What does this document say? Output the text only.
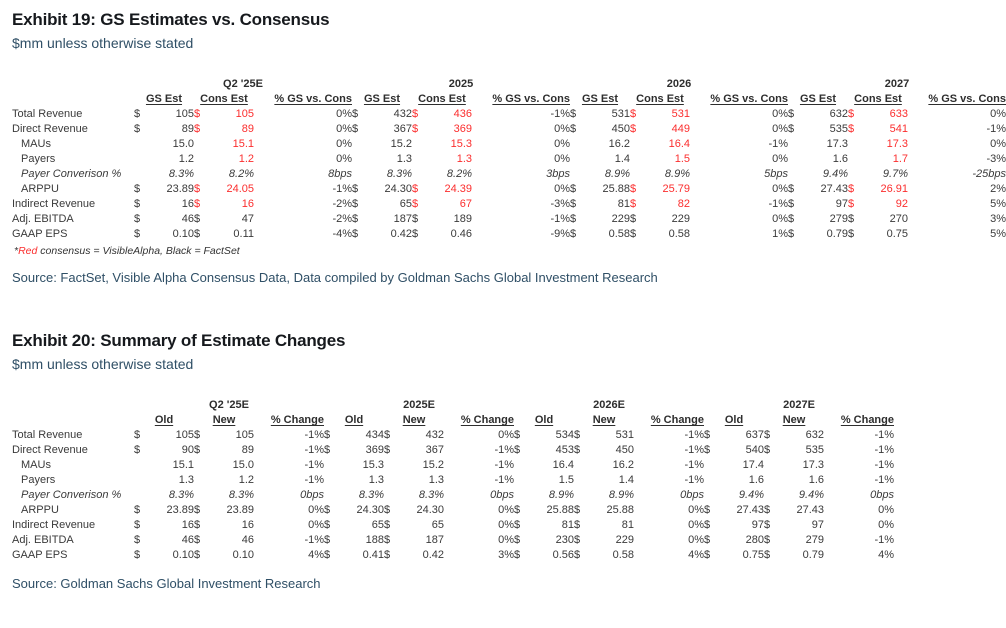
Exhibit 19: GS Estimates vs. Consensus
$mm unless otherwise stated
	Q2 '25E					2025					2026					2027				
	GS Est		Cons Est		% GS vs. Cons	GS Est		Cons Est		% GS vs. Cons	GS Est		Cons Est		% GS vs. Cons	GS Est		Cons Est		% GS vs. Cons
Total Revenue	$	105	$	105	0%	$	432	$	436	-1%	$	531	$	531	0%	$	632	$	633	0%
Direct Revenue	$	89	$	89	0%	$	367	$	369	0%	$	450	$	449	0%	$	535	$	541	-1%
MAUs		15.0		15.1	0%		15.2		15.3	0%		16.2		16.4	-1%		17.3		17.3	0%
Payers		1.2		1.2	0%		1.3		1.3	0%		1.4		1.5	0%		1.6		1.7	-3%
Payer Converison %		8.3%		8.2%	8bps		8.3%		8.2%	3bps		8.9%		8.9%	5bps		9.4%		9.7%	-25bps
ARPPU	$	23.89	$	24.05	-1%	$	24.30	$	24.39	0%	$	25.88	$	25.79	0%	$	27.43	$	26.91	2%
Indirect Revenue	$	16	$	16	-2%	$	65	$	67	-3%	$	81	$	82	-1%	$	97	$	92	5%
Adj. EBITDA	$	46	$	47	-2%	$	187	$	189	-1%	$	229	$	229	0%	$	279	$	270	3%
GAAP EPS	$	0.10	$	0.11	-4%	$	0.42	$	0.46	-9%	$	0.58	$	0.58	1%	$	0.79	$	0.75	5%
*Red consensus = VisibleAlpha, Black = FactSet
Source: FactSet, Visible Alpha Consensus Data, Data compiled by Goldman Sachs Global Investment Research
Exhibit 20: Summary of Estimate Changes
$mm unless otherwise stated
	Q2 '25E					2025E					2026E					2027E				
	Old		New		% Change	Old		New		% Change	Old		New		% Change	Old		New		% Change
Total Revenue	$	105	$	105	-1%	$	434	$	432	0%	$	534	$	531	-1%	$	637	$	632	-1%
Direct Revenue	$	90	$	89	-1%	$	369	$	367	-1%	$	453	$	450	-1%	$	540	$	535	-1%
MAUs		15.1		15.0	-1%		15.3		15.2	-1%		16.4		16.2	-1%		17.4		17.3	-1%
Payers		1.3		1.2	-1%		1.3		1.3	-1%		1.5		1.4	-1%		1.6		1.6	-1%
Payer Converison %		8.3%		8.3%	0bps		8.3%		8.3%	0bps		8.9%		8.9%	0bps		9.4%		9.4%	0bps
ARPPU	$	23.89	$	23.89	0%	$	24.30	$	24.30	0%	$	25.88	$	25.88	0%	$	27.43	$	27.43	0%
Indirect Revenue	$	16	$	16	0%	$	65	$	65	0%	$	81	$	81	0%	$	97	$	97	0%
Adj. EBITDA	$	46	$	46	-1%	$	188	$	187	0%	$	230	$	229	0%	$	280	$	279	-1%
GAAP EPS	$	0.10	$	0.10	4%	$	0.41	$	0.42	3%	$	0.56	$	0.58	4%	$	0.75	$	0.79	4%
Source: Goldman Sachs Global Investment Research
